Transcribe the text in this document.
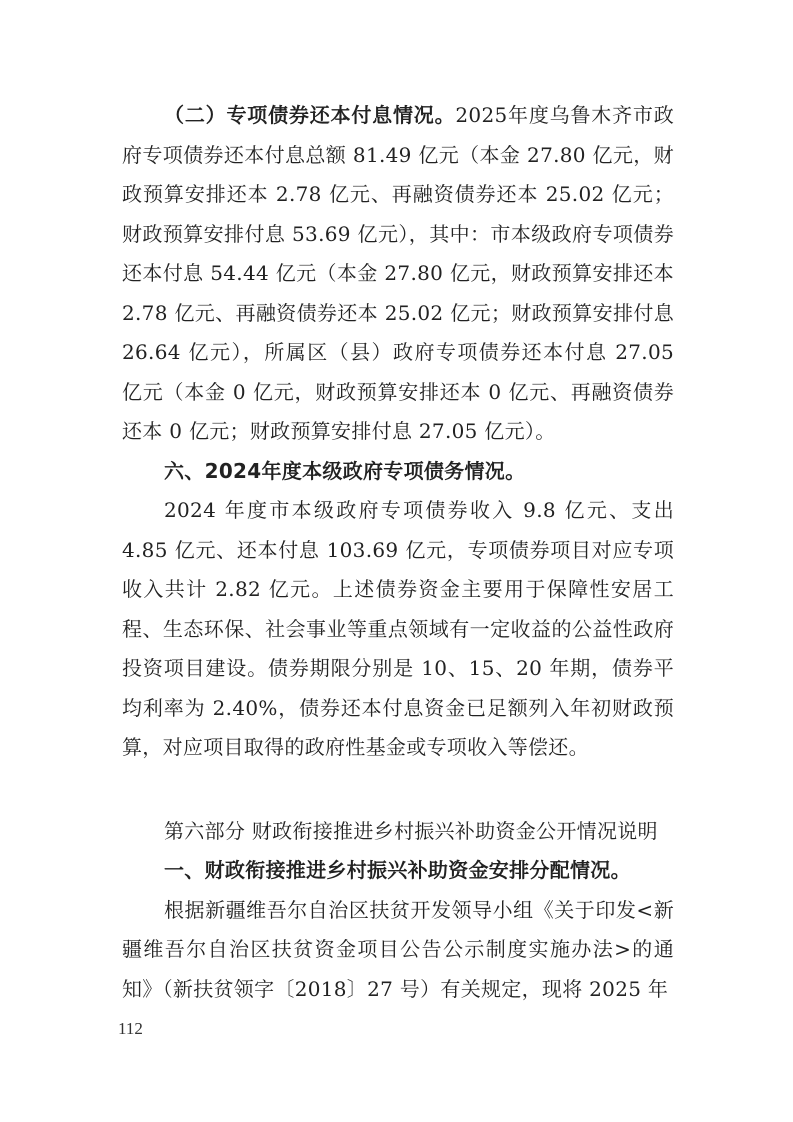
（二）专项债券还本付息情况。2025年度乌鲁木齐市政府专项债券还本付息总额 81.49 亿元（本金 27.80 亿元，财政预算安排还本 2.78 亿元、再融资债券还本 25.02 亿元；财政预算安排付息 53.69 亿元），其中：市本级政府专项债券还本付息 54.44 亿元（本金 27.80 亿元，财政预算安排还本 2.78 亿元、再融资债券还本 25.02 亿元；财政预算安排付息 26.64 亿元），所属区（县）政府专项债券还本付息 27.05 亿元（本金 0 亿元，财政预算安排还本 0 亿元、再融资债券还本 0 亿元；财政预算安排付息 27.05 亿元）。

六、2024年度本级政府专项债务情况。

2024 年度市本级政府专项债券收入 9.8 亿元、支出 4.85 亿元、还本付息 103.69 亿元，专项债券项目对应专项收入共计 2.82 亿元。上述债券资金主要用于保障性安居工程、生态环保、社会事业等重点领域有一定收益的公益性政府投资项目建设。债券期限分别是 10、15、20 年期，债券平均利率为 2.40%，债券还本付息资金已足额列入年初财政预算，对应项目取得的政府性基金或专项收入等偿还。

第六部分 财政衔接推进乡村振兴补助资金公开情况说明

一、财政衔接推进乡村振兴补助资金安排分配情况。

根据新疆维吾尔自治区扶贫开发领导小组《关于印发<新疆维吾尔自治区扶贫资金项目公告公示制度实施办法>的通知》（新扶贫领字〔2018〕27 号）有关规定，现将 2025 年

112
